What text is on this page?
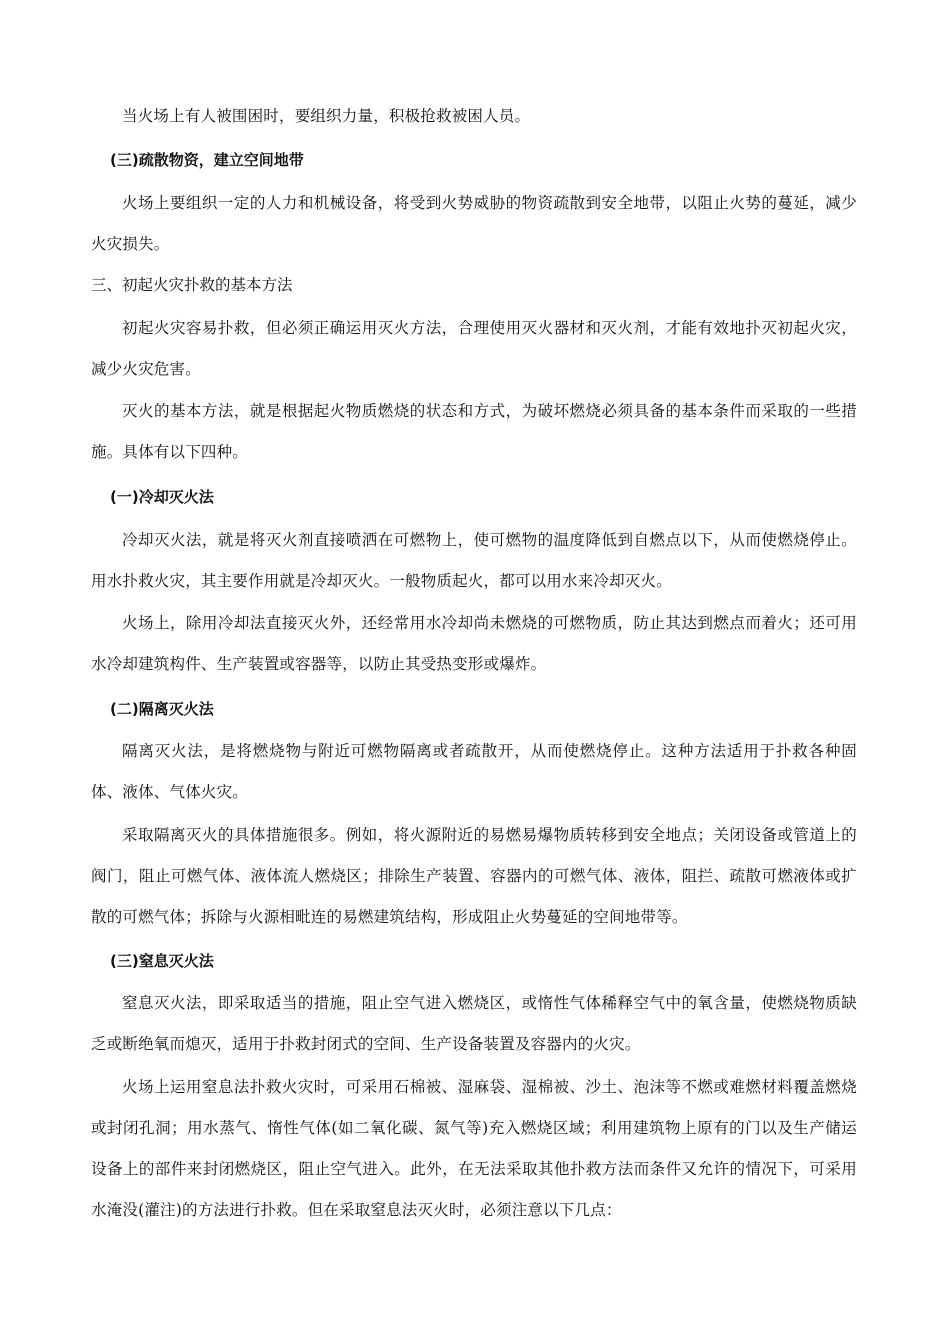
当火场上有人被围困时，要组织力量，积极抢救被困人员。

(三)疏散物资，建立空间地带

火场上要组织一定的人力和机械设备，将受到火势威胁的物资疏散到安全地带，以阻止火势的蔓延，减少火灾损失。

三、初起火灾扑救的基本方法

初起火灾容易扑救，但必须正确运用灭火方法，合理使用灭火器材和灭火剂，才能有效地扑灭初起火灾，减少火灾危害。

灭火的基本方法，就是根据起火物质燃烧的状态和方式，为破坏燃烧必须具备的基本条件而采取的一些措施。具体有以下四种。

(一)冷却灭火法

冷却灭火法，就是将灭火剂直接喷洒在可燃物上，使可燃物的温度降低到自燃点以下，从而使燃烧停止。用水扑救火灾，其主要作用就是冷却灭火。一般物质起火，都可以用水来冷却灭火。

火场上，除用冷却法直接灭火外，还经常用水冷却尚未燃烧的可燃物质，防止其达到燃点而着火；还可用水冷却建筑构件、生产装置或容器等，以防止其受热变形或爆炸。

(二)隔离灭火法

隔离灭火法，是将燃烧物与附近可燃物隔离或者疏散开，从而使燃烧停止。这种方法适用于扑救各种固体、液体、气体火灾。

采取隔离灭火的具体措施很多。例如，将火源附近的易燃易爆物质转移到安全地点；关闭设备或管道上的阀门，阻止可燃气体、液体流人燃烧区；排除生产装置、容器内的可燃气体、液体，阻拦、疏散可燃液体或扩散的可燃气体；拆除与火源相毗连的易燃建筑结构，形成阻止火势蔓延的空间地带等。

(三)窒息灭火法

窒息灭火法，即采取适当的措施，阻止空气进入燃烧区，或惰性气体稀释空气中的氧含量，使燃烧物质缺乏或断绝氧而熄灭，适用于扑救封闭式的空间、生产设备装置及容器内的火灾。

火场上运用窒息法扑救火灾时，可采用石棉被、湿麻袋、湿棉被、沙土、泡沫等不燃或难燃材料覆盖燃烧或封闭孔洞；用水蒸气、惰性气体(如二氧化碳、氮气等)充入燃烧区域；利用建筑物上原有的门以及生产储运设备上的部件来封闭燃烧区，阻止空气进入。此外，在无法采取其他扑救方法而条件又允许的情况下，可采用水淹没(灌注)的方法进行扑救。但在采取窒息法灭火时，必须注意以下几点：
